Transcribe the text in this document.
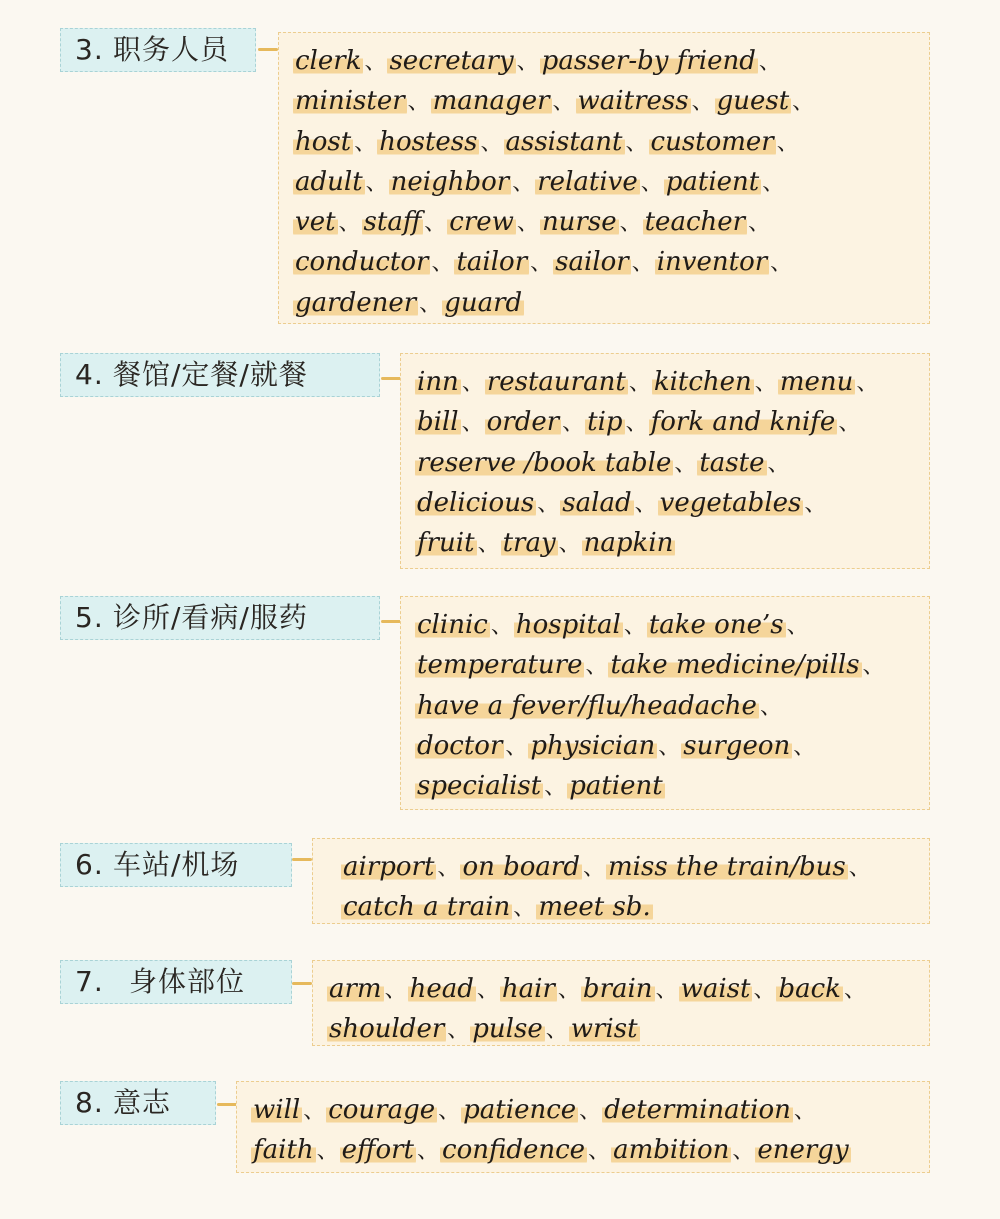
3. 职务人员	clerk 、 secretary 、 passer-by friend 、
minister 、 manager 、 waitress 、 guest 、
host 、 hostess 、 assistant 、 customer 、
adult 、 neighbor 、 relative 、 patient 、
vet 、 staff 、 crew 、 nurse 、 teacher 、
conductor 、 tailor 、 sailor 、 inventor 、
gardener 、 guard
4. 餐馆/定餐/就餐	inn 、 restaurant 、 kitchen 、 menu 、
bill 、 order 、 tip 、 fork and knife 、
reserve /book table 、 taste 、
delicious 、 salad 、 vegetables 、
fruit 、 tray 、 napkin
5. 诊所/看病/服药	clinic 、 hospital 、 take one’s 、
temperature 、 take medicine/pills 、
have a fever/flu/headache 、
doctor 、 physician 、 surgeon 、
specialist 、 patient
6. 车站/机场	airport 、 on board 、 miss the train/bus 、
catch a train 、 meet sb.
7. 身体部位	arm 、 head 、 hair 、 brain 、 waist 、 back 、
shoulder 、 pulse 、 wrist
8. 意志	will 、 courage 、 patience 、 determination 、
faith 、 effort 、 confidence 、 ambition 、 energy
